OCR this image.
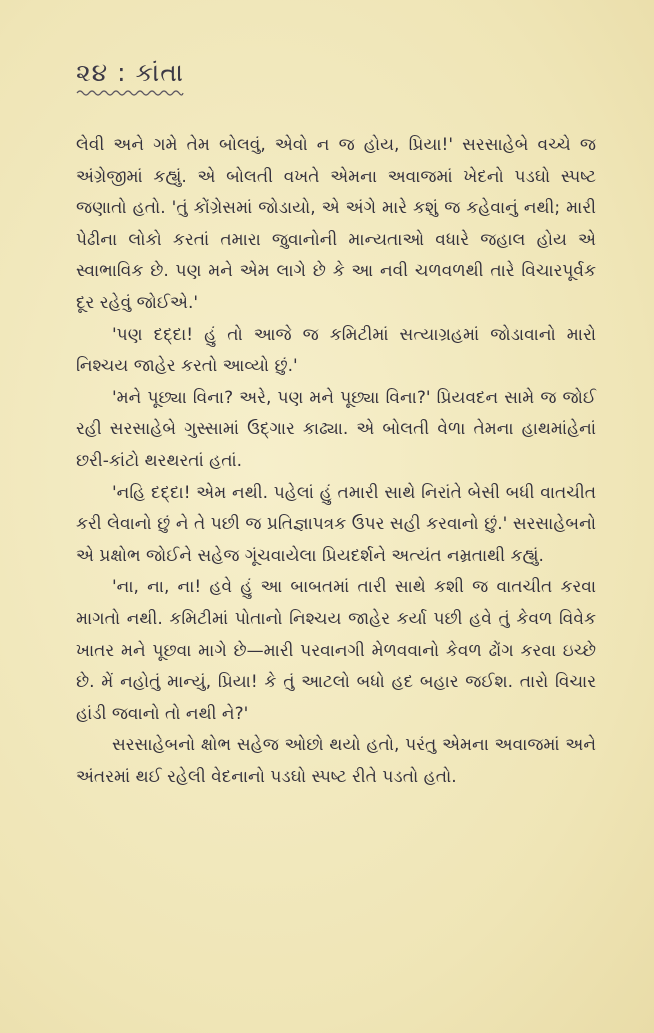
૨૪ : કાંતા

લેવી અને ગમે તેમ બોલવું, એવો ન જ હોય, પ્રિયા!' સરસાહેબે વચ્ચે જ અંગ્રેજીમાં કહ્યું. એ બોલતી વખતે એમના અવાજમાં ખેદનો પડઘો સ્પષ્ટ જણાતો હતો. 'તું કોંગ્રેસમાં જોડાયો, એ અંગે મારે કશું જ કહેવાનું નથી; મારી પેઢીના લોકો કરતાં તમારા જુવાનોની માન્યતાઓ વધારે જહાલ હોય એ સ્વાભાવિક છે. પણ મને એમ લાગે છે કે આ નવી ચળવળથી તારે વિચારપૂર્વક દૂર રહેવું જોઈએ.'

'પણ દદ્દા! હું તો આજે જ કમિટીમાં સત્યાગ્રહમાં જોડાવાનો મારો નિશ્ચય જાહેર કરતો આવ્યો છું.'

'મને પૂછ્યા વિના? અરે, પણ મને પૂછ્યા વિના?' પ્રિયવદન સામે જ જોઈ રહી સરસાહેબે ગુસ્સામાં ઉદ્ગાર કાઢ્યા. એ બોલતી વેળા તેમના હાથમાંહેનાં છરી-કાંટો થરથરતાં હતાં.

'નહિ દદ્દા! એમ નથી. પહેલાં હું તમારી સાથે નિરાંતે બેસી બધી વાતચીત કરી લેવાનો છું ને તે પછી જ પ્રતિજ્ઞાપત્રક ઉપર સહી કરવાનો છું.' સરસાહેબનો એ પ્રક્ષોભ જોઈને સહેજ ગૂંચવાયેલા પ્રિયદર્શને અત્યંત નમ્રતાથી કહ્યું.

'ના, ના, ના! હવે હું આ બાબતમાં તારી સાથે કશી જ વાતચીત કરવા માગતો નથી. કમિટીમાં પોતાનો નિશ્ચય જાહેર કર્યા પછી હવે તું કેવળ વિવેક ખાતર મને પૂછવા માગે છે—મારી પરવાનગી મેળવવાનો કેવળ ઢોંગ કરવા ઇચ્છે છે. મેં નહોતું માન્યું, પ્રિયા! કે તું આટલો બધો હદ બહાર જઈશ. તારો વિચાર હાંડી જવાનો તો નથી ને?'

સરસાહેબનો ક્ષોભ સહેજ ઓછો થયો હતો, પરંતુ એમના અવાજમાં અને અંતરમાં થઈ રહેલી વેદનાનો પડઘો સ્પષ્ટ રીતે પડતો હતો.
